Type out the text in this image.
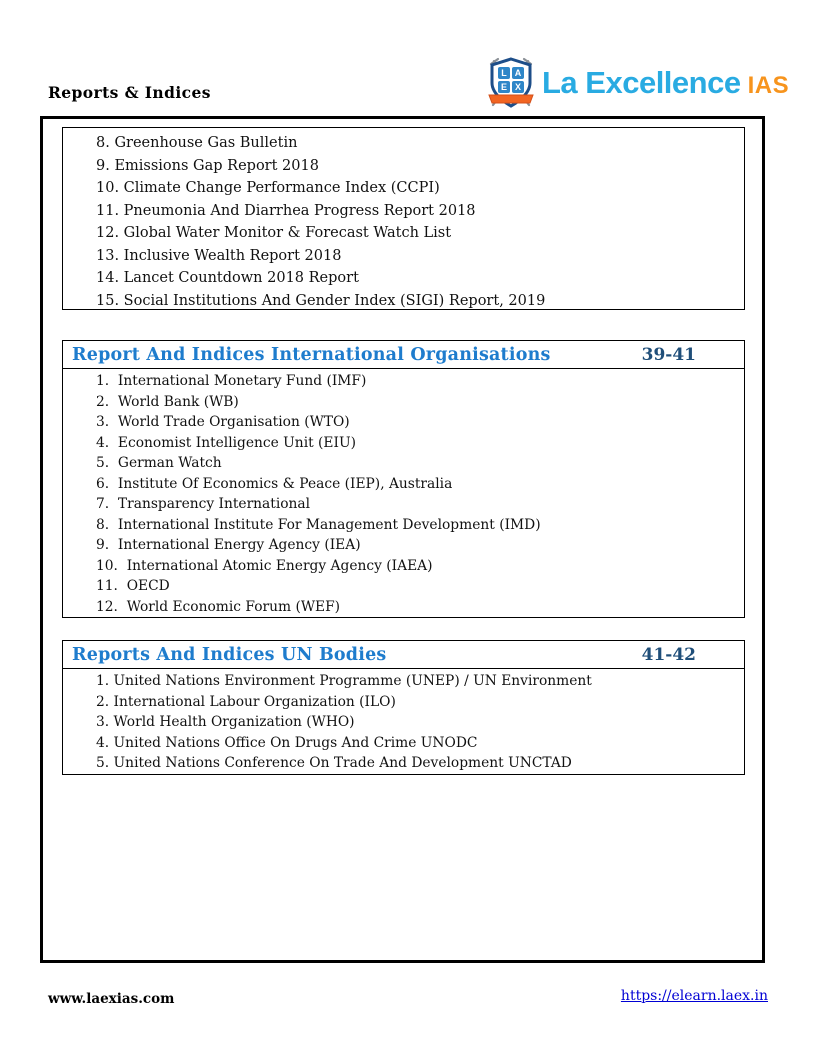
Reports & Indices
L A
E X La Excellence IAS
8. Greenhouse Gas Bulletin
9. Emissions Gap Report 2018
10. Climate Change Performance Index (CCPI)
11. Pneumonia And Diarrhea Progress Report 2018
12. Global Water Monitor & Forecast Watch List
13. Inclusive Wealth Report 2018
14. Lancet Countdown 2018 Report
15. Social Institutions And Gender Index (SIGI) Report, 2019
Report And Indices International Organisations	39-41
1.  International Monetary Fund (IMF)
2.  World Bank (WB)
3.  World Trade Organisation (WTO)
4.  Economist Intelligence Unit (EIU)
5.  German Watch
6.  Institute Of Economics & Peace (IEP), Australia
7.  Transparency International
8.  International Institute For Management Development (IMD)
9.  International Energy Agency (IEA)
10.  International Atomic Energy Agency (IAEA)
11.  OECD
12.  World Economic Forum (WEF)
Reports And Indices UN Bodies	41-42
1. United Nations Environment Programme (UNEP) / UN Environment
2. International Labour Organization (ILO)
3. World Health Organization (WHO)
4. United Nations Office On Drugs And Crime UNODC
5. United Nations Conference On Trade And Development UNCTAD
www.laexias.com	https://elearn.laex.in
